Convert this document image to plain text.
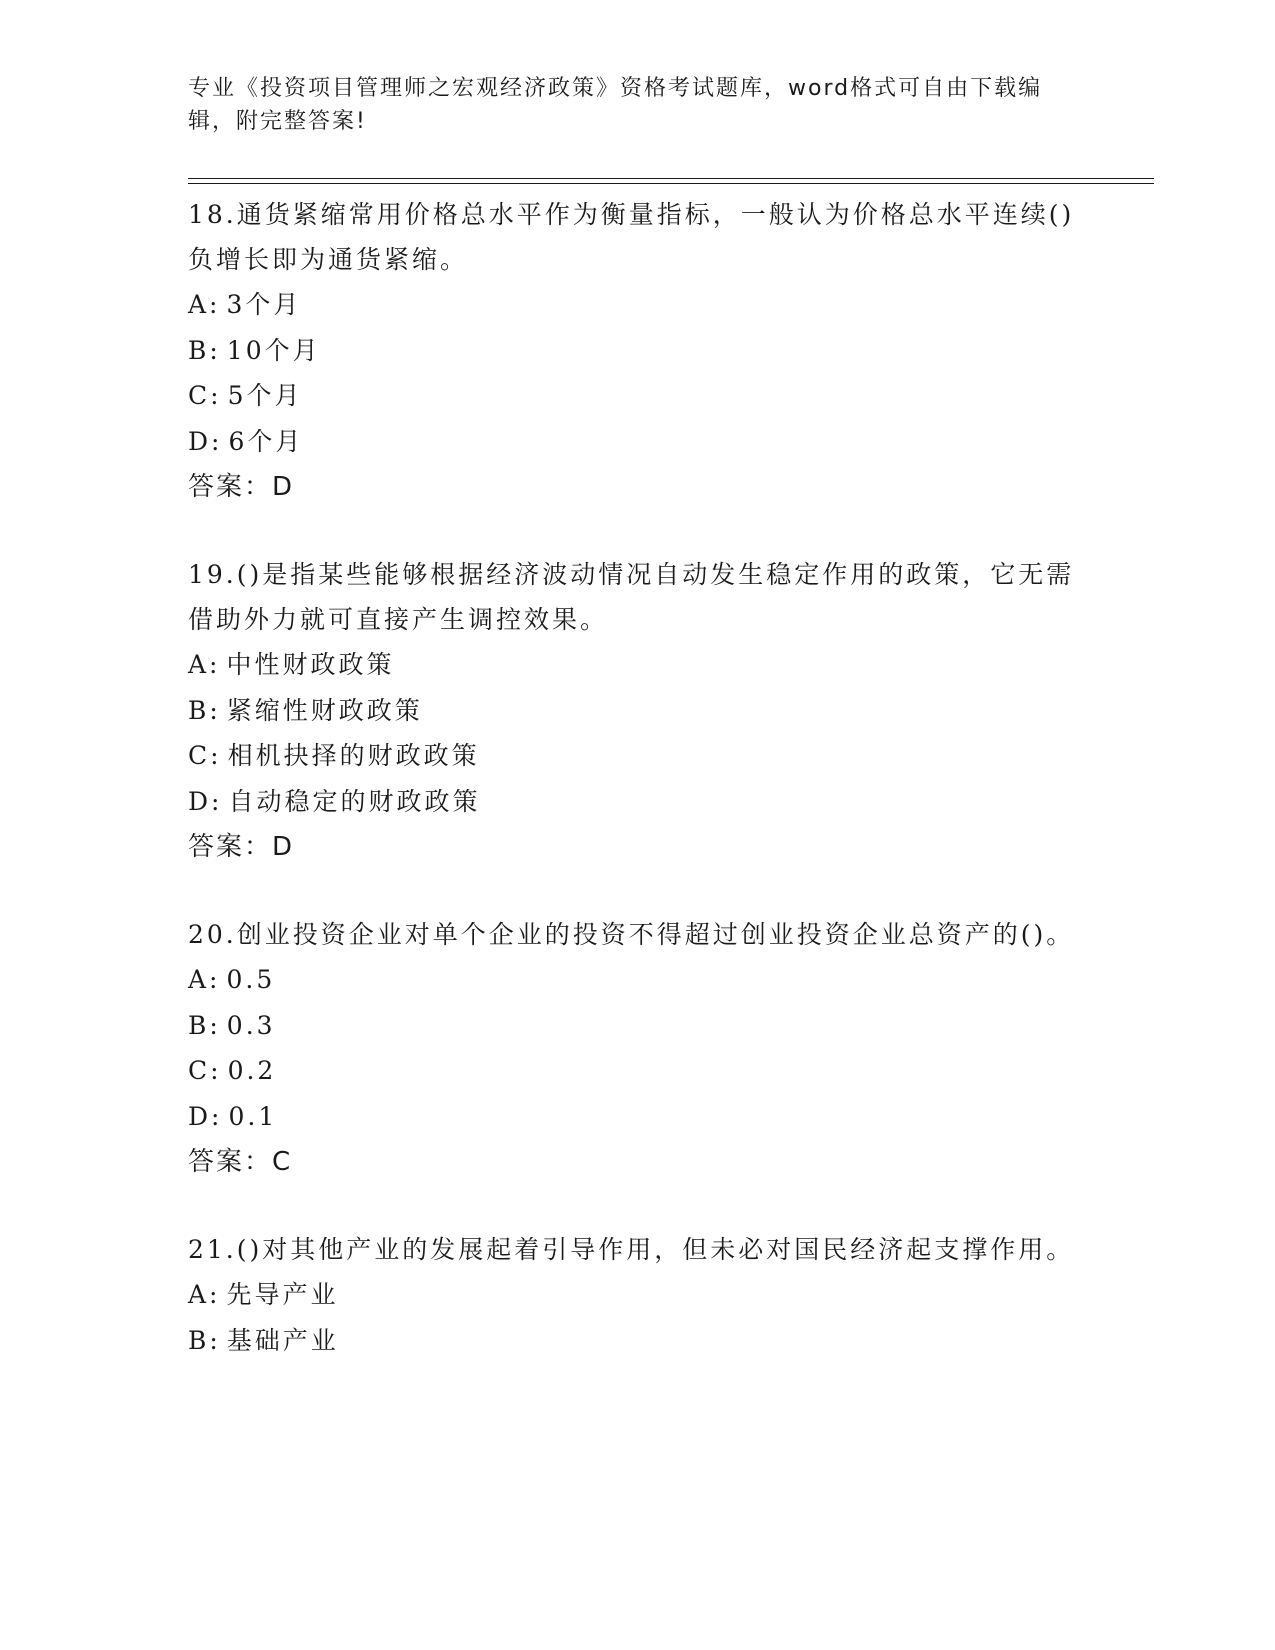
专业《投资项目管理师之宏观经济政策》资格考试题库，word格式可自由下载编辑，附完整答案!
18.通货紧缩常用价格总水平作为衡量指标，一般认为价格总水平连续()负增长即为通货紧缩。
A: 3个月
B: 10个月
C: 5个月
D: 6个月
答案： D
19.()是指某些能够根据经济波动情况自动发生稳定作用的政策，它无需借助外力就可直接产生调控效果。
A: 中性财政政策
B: 紧缩性财政政策
C: 相机抉择的财政政策
D: 自动稳定的财政政策
答案： D
20.创业投资企业对单个企业的投资不得超过创业投资企业总资产的()。
A: 0.5
B: 0.3
C: 0.2
D: 0.1
答案： C
21.()对其他产业的发展起着引导作用，但未必对国民经济起支撑作用。
A: 先导产业
B: 基础产业
